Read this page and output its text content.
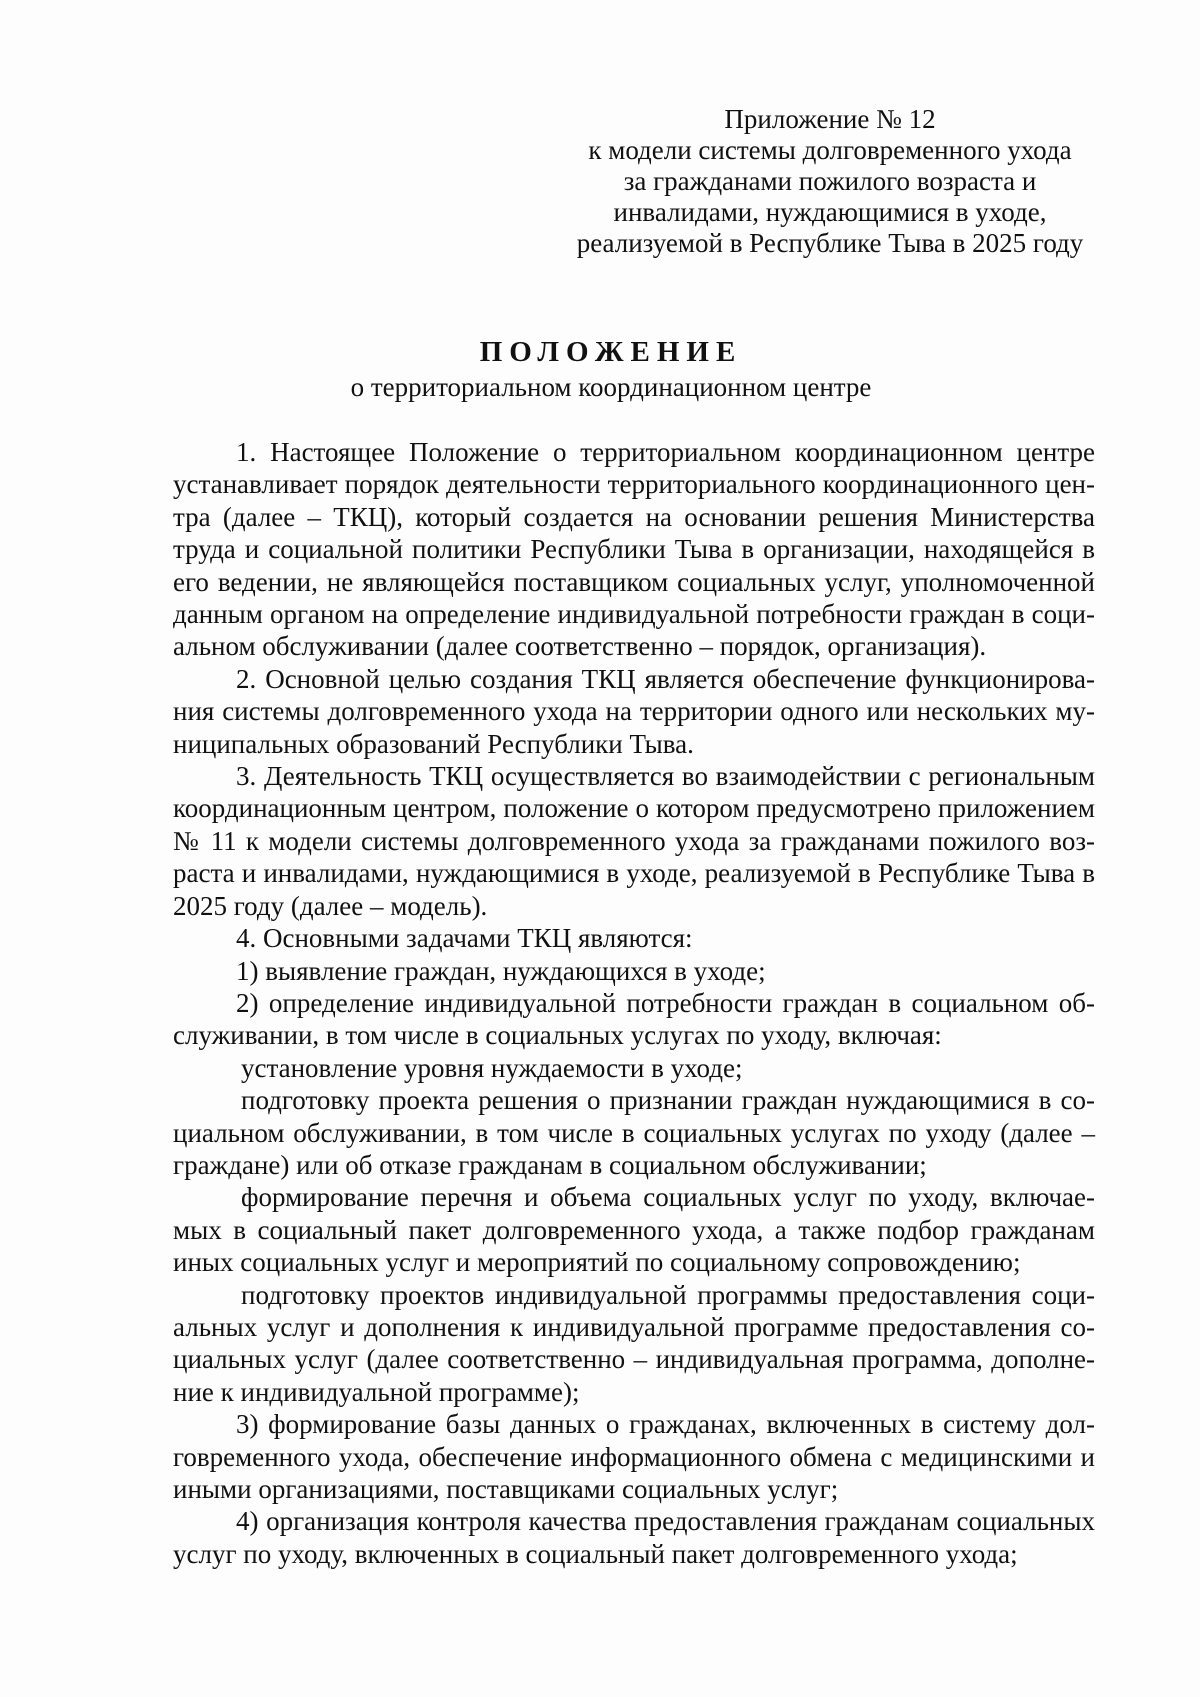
Приложение № 12
к модели системы долговременного ухода
за гражданами пожилого возраста и
инвалидами, нуждающимися в уходе,
реализуемой в Республике Тыва в 2025 году
ПОЛОЖЕНИЕ
о территориальном координационном центре
1. Настоящее Положение о территориальном координационном центре
устанавливает порядок деятельности территориального координационного цен-
тра (далее – ТКЦ), который создается на основании решения Министерства
труда и социальной политики Республики Тыва в организации, находящейся в
его ведении, не являющейся поставщиком социальных услуг, уполномоченной
данным органом на определение индивидуальной потребности граждан в соци-
альном обслуживании (далее соответственно – порядок, организация).
2. Основной целью создания ТКЦ является обеспечение функционирова-
ния системы долговременного ухода на территории одного или нескольких му-
ниципальных образований Республики Тыва.
3. Деятельность ТКЦ осуществляется во взаимодействии с региональным
координационным центром, положение о котором предусмотрено приложением
№ 11 к модели системы долговременного ухода за гражданами пожилого воз-
раста и инвалидами, нуждающимися в уходе, реализуемой в Республике Тыва в
2025 году (далее – модель).
4. Основными задачами ТКЦ являются:
1) выявление граждан, нуждающихся в уходе;
2) определение индивидуальной потребности граждан в социальном об-
служивании, в том числе в социальных услугах по уходу, включая:
установление уровня нуждаемости в уходе;
подготовку проекта решения о признании граждан нуждающимися в со-
циальном обслуживании, в том числе в социальных услугах по уходу (далее –
граждане) или об отказе гражданам в социальном обслуживании;
формирование перечня и объема социальных услуг по уходу, включае-
мых в социальный пакет долговременного ухода, а также подбор гражданам
иных социальных услуг и мероприятий по социальному сопровождению;
подготовку проектов индивидуальной программы предоставления соци-
альных услуг и дополнения к индивидуальной программе предоставления со-
циальных услуг (далее соответственно – индивидуальная программа, дополне-
ние к индивидуальной программе);
3) формирование базы данных о гражданах, включенных в систему дол-
говременного ухода, обеспечение информационного обмена с медицинскими и
иными организациями, поставщиками социальных услуг;
4) организация контроля качества предоставления гражданам социальных
услуг по уходу, включенных в социальный пакет долговременного ухода;
